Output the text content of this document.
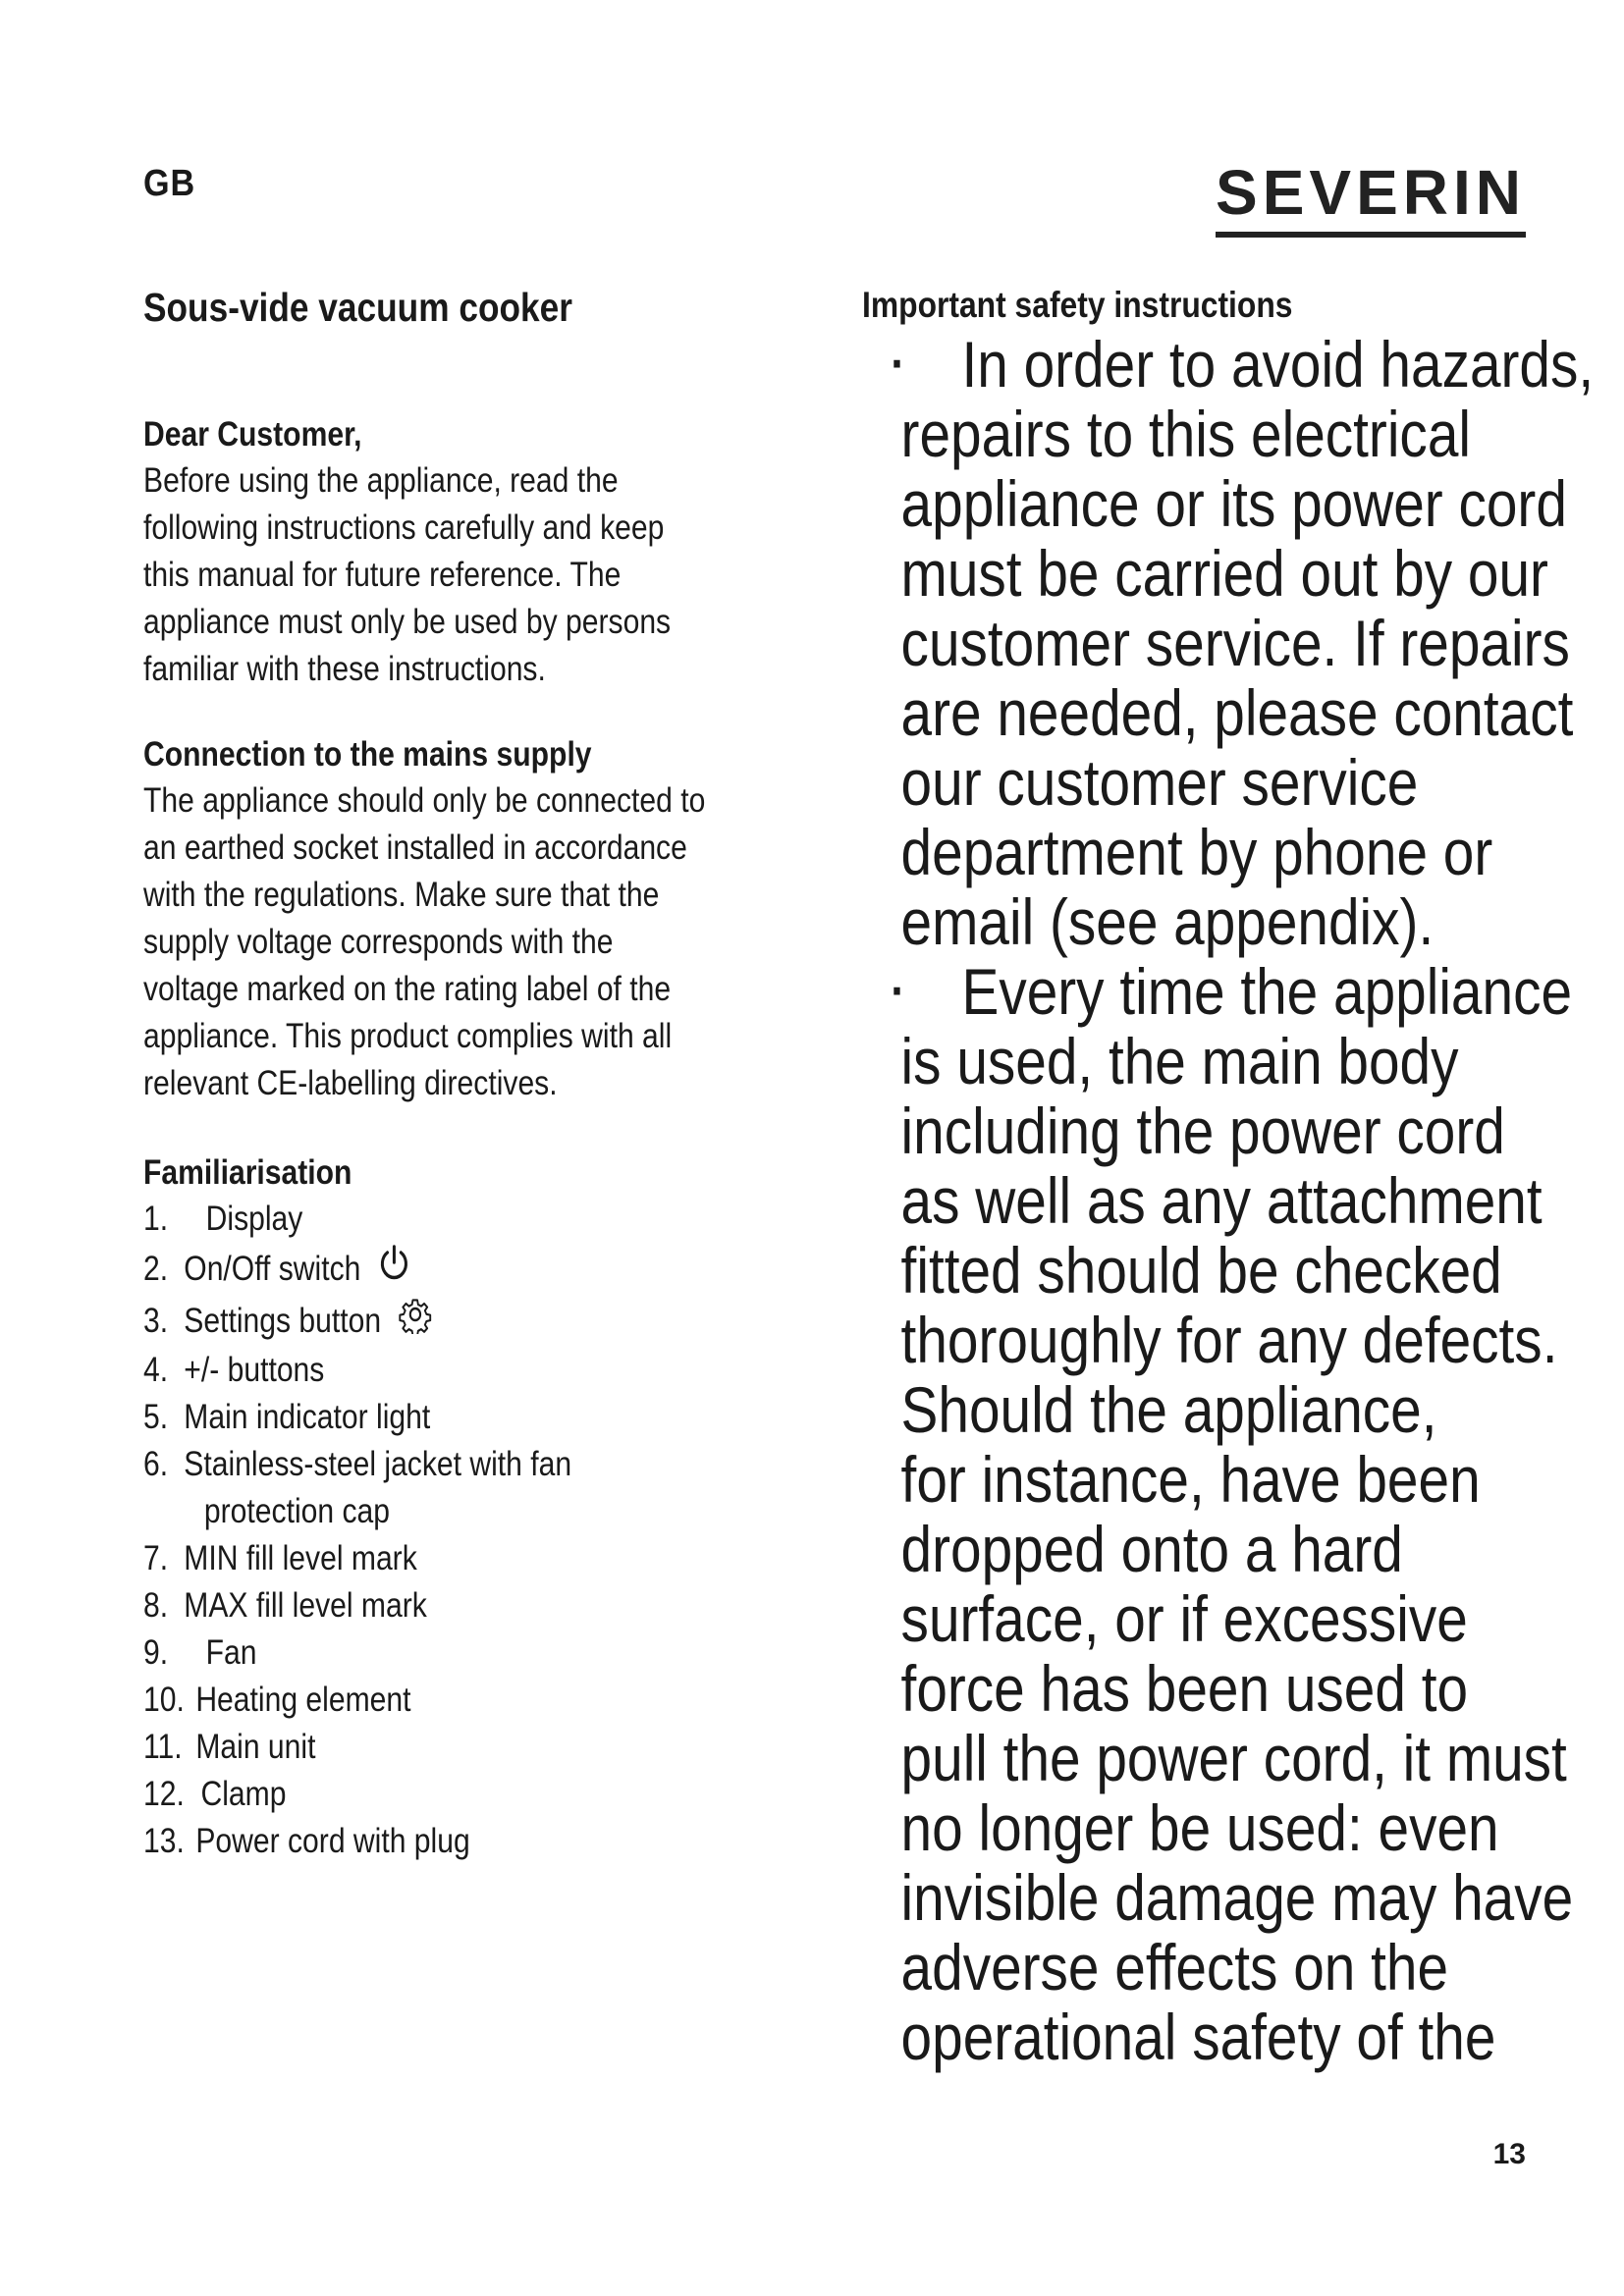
GB	SEVERIN
Sous-vide vacuum cooker
Dear Customer,

Before using the appliance, read the

following instructions carefully and keep

this manual for future reference. The

appliance must only be used by persons

familiar with these instructions.

Connection to the mains supply

The appliance should only be connected to

an earthed socket installed in accordance

with the regulations. Make sure that the

supply voltage corresponds with the

voltage marked on the rating label of the

appliance. This product complies with all

relevant CE-labelling directives.

Familiarisation
1.	Display
2. On/Off switch
3. Settings button
4. +/- buttons
5. Main indicator light
6. Stainless-steel jacket with fan
protection cap
7. MIN fill level mark
8. MAX fill level mark
9.	Fan
10. Heating element
11. Main unit
12. Clamp
13. Power cord with plug
Important safety instructions

· In order to avoid hazards,

repairs to this electrical

appliance or its power cord

must be carried out by our

customer service. If repairs

are needed, please contact

our customer service

department by phone or

email (see appendix).

· Every time the appliance

is used, the main body

including the power cord

as well as any attachment

fitted should be checked

thoroughly for any defects.

Should the appliance,

for instance, have been

dropped onto a hard

surface, or if excessive

force has been used to

pull the power cord, it must

no longer be used: even

invisible damage may have

adverse effects on the

operational safety of the

13
